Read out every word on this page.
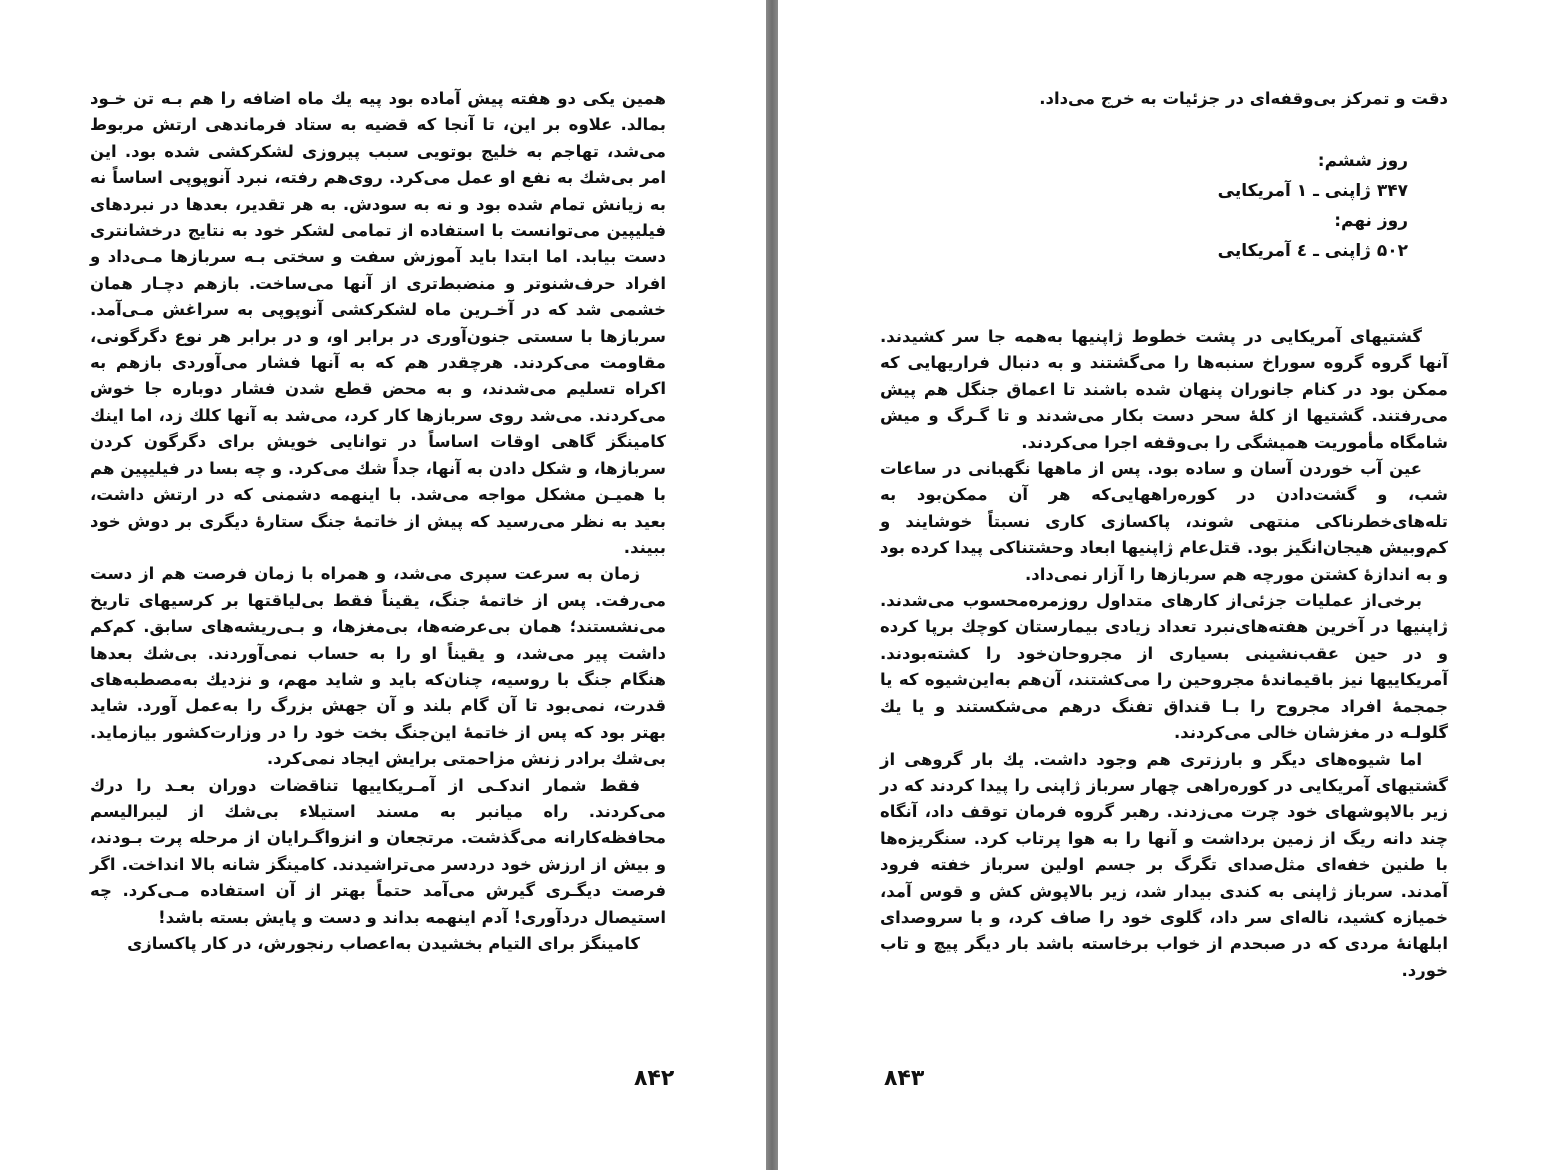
همین یکی دو هفته پیش آماده بود پیه یك ماه اضافه را هم بـه تن خـود بمالد. علاوه بر این، تا آنجا که قضیه به ستاد فرماندهی ارتش مربوط می‌شد، تهاجم به خلیج بوتویی سبب پیروزی لشکرکشی شده بود. این امر بی‌شك به نفع او عمل می‌کرد. روی‌هم رفته، نبرد آنوپوپی اساساً نه به زیانش تمام شده بود و نه به سودش. به هر تقدیر، بعدها در نبردهای فیلیپین می‌توانست با استفاده از تمامی لشکر خود به نتایج درخشانتری دست بیابد. اما ابتدا باید آموزش سفت و سختی بـه سربازها مـی‌داد و افراد حرف‌شنوتر و منضبط‌تری از آنها می‌ساخت. بازهم دچـار همان خشمی شد که در آخـرین ماه لشکرکشی آنوپوپی به سراغش مـی‌آمد. سربازها با سستی جنون‌آوری در برابر او، و در برابر هر نوع دگرگونی، مقاومت می‌کردند. هرچقدر هم که به آنها فشار می‌آوردی بازهم به اکراه تسلیم می‌شدند، و به محض قطع شدن فشار دوباره جا خوش می‌کردند. می‌شد روی سربازها کار کرد، می‌شد به آنها کلك زد، اما اینك کامینگز گاهی اوقات اساساً در توانایی خویش برای دگرگون کردن سربازها، و شکل دادن به آنها، جداً شك می‌کرد. و چه بسا در فیلیپین هم با همیـن مشکل مواجه می‌شد. با اینهمه دشمنی که در ارتش داشت، بعید به نظر می‌رسید که پیش از خاتمهٔ جنگ ستارهٔ دیگری بر دوش خود ببیند.

زمان به سرعت سپری می‌شد، و همراه با زمان فرصت هم از دست می‌رفت. پس از خاتمهٔ جنگ، یقیناً فقط بی‌لیاقتها بر کرسیهای تاریخ می‌نشستند؛ همان بی‌عرضه‌ها، بی‌مغزها، و بـی‌ریشه‌های سابق. کم‌کم داشت پیر می‌شد، و یقیناً او را به حساب نمی‌آوردند. بی‌شك بعدها هنگام جنگ با روسیه، چنان‌که باید و شاید مهم، و نزدیك به‌مصطبه‌های قدرت، نمی‌بود تا آن گام بلند و آن جهش بزرگ را به‌عمل آورد. شاید بهتر بود که پس از خاتمهٔ این‌جنگ بخت خود را در وزارت‌کشور بیازماید. بی‌شك برادر زنش مزاحمتی برایش ایجاد نمی‌کرد.

فقط شمار اندکـی از آمـریکاییها تناقضات دوران بعـد را درك می‌کردند. راه میانبر به مسند استیلاء بی‌شك از لیبرالیسم محافظه‌کارانه می‌گذشت. مرتجعان و انزواگـرایان از مرحله پرت بـودند، و بیش از ارزش خود دردسر می‌تراشیدند. کامینگز شانه بالا انداخت. اگر فرصت دیگـری گیرش می‌آمد حتماً بهتر از آن استفاده مـی‌کرد. چه استیصال دردآوری! آدم اینهمه بداند و دست و پایش بسته باشد!

کامینگز برای التیام بخشیدن به‌اعصاب رنجورش، در کار پاکسازی

۸۴۲

دقت و تمرکز بی‌وقفه‌ای در جزئیات به خرج می‌داد.

روز ششم:
۳۴۷ ژاپنی ـ ۱ آمریکایی
روز نهم:
۵۰۲ ژاپنی ـ ٤ آمریکایی

گشتیهای آمریکایی در پشت خطوط ژاپنیها به‌همه جا سر کشیدند. آنها گروه گروه سوراخ سنبه‌ها را می‌گشتند و به دنبال فراریهایی که ممکن بود در کنام جانوران پنهان شده باشند تا اعماق جنگل هم پیش می‌رفتند. گشتیها از کلهٔ سحر دست بکار می‌شدند و تا گـرگ و میش شامگاه مأموریت همیشگی را بی‌وقفه اجرا می‌کردند.

عین آب خوردن آسان و ساده بود. پس از ماهها نگهبانی در ساعات شب، و گشت‌دادن در کوره‌راههایی‌که هر آن ممکن‌بود به تله‌های‌خطرناکی منتهی شوند، پاکسازی کاری نسبتاً خوشایند و کم‌وبیش هیجان‌انگیز بود. قتل‌عام ژاپنیها ابعاد وحشتناکی پیدا کرده بود و به اندازهٔ کشتن مورچه هم سربازها را آزار نمی‌داد.

برخی‌از عملیات جزئی‌از کارهای متداول روزمره‌محسوب می‌شدند. ژاپنیها در آخرین هفته‌های‌نبرد تعداد زیادی بیمارستان کوچك برپا کرده و در حین عقب‌نشینی بسیاری از مجروحان‌خود را کشته‌بودند. آمریکاییها نیز باقیماندهٔ مجروحین را می‌کشتند، آن‌هم به‌این‌شیوه که یا جمجمهٔ افراد مجروح را بـا قنداق تفنگ درهم می‌شکستند و یا یك گلولـه در مغزشان خالی می‌کردند.

اما شیوه‌های دیگر و بارزتری هم وجود داشت. یك بار گروهی از گشتیهای آمریکایی در کوره‌راهی چهار سرباز ژاپنی را پیدا کردند که در زیر بالاپوشهای خود چرت می‌زدند. رهبر گروه فرمان توقف داد، آنگاه چند دانه ریگ از زمین برداشت و آنها را به هوا پرتاب کرد. سنگریزه‌ها با طنین خفه‌ای مثل‌صدای تگرگ بر جسم اولین سرباز خفته فرود آمدند. سرباز ژاپنی به کندی بیدار شد، زیر بالاپوش کش و قوس آمد، خمیازه کشید، ناله‌ای سر داد، گلوی خود را صاف کرد، و با سروصدای ابلهانهٔ مردی که در صبحدم از خواب برخاسته باشد بار دیگر پیچ و تاب خورد.

۸۴۳
